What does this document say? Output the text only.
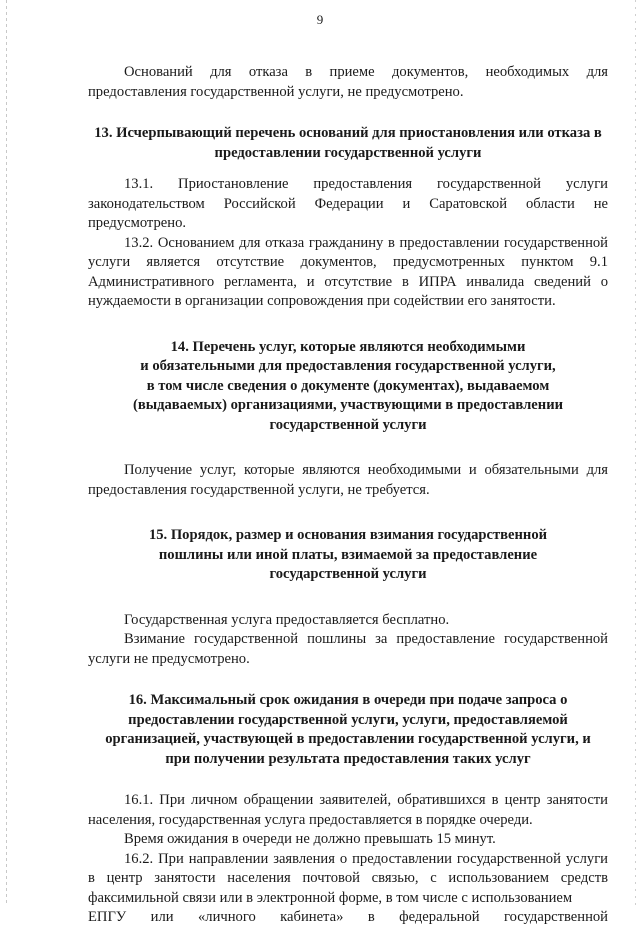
9

Оснований для отказа в приеме документов, необходимых для предоставления государственной услуги, не предусмотрено.

13. Исчерпывающий перечень оснований для приостановления или отказа в предоставлении государственной услуги

13.1. Приостановление предоставления государственной услуги законодательством Российской Федерации и Саратовской области не предусмотрено.

13.2. Основанием для отказа гражданину в предоставлении государственной услуги является отсутствие документов, предусмотренных пунктом 9.1 Административного регламента, и отсутствие в ИПРА инвалида сведений о нуждаемости в организации сопровождения при содействии его занятости.

14. Перечень услуг, которые являются необходимыми
и обязательными для предоставления государственной услуги,
в том числе сведения о документе (документах), выдаваемом
(выдаваемых) организациями, участвующими в предоставлении
государственной услуги

Получение услуг, которые являются необходимыми и обязательными для предоставления государственной услуги, не требуется.

15. Порядок, размер и основания взимания государственной
пошлины или иной платы, взимаемой за предоставление
государственной услуги

Государственная услуга предоставляется бесплатно.

Взимание государственной пошлины за предоставление государственной услуги не предусмотрено.

16. Максимальный срок ожидания в очереди при подаче запроса о
предоставлении государственной услуги, услуги, предоставляемой
организацией, участвующей в предоставлении государственной услуги, и
при получении результата предоставления таких услуг

16.1. При личном обращении заявителей, обратившихся в центр занятости населения, государственная услуга предоставляется в порядке очереди.

Время ожидания в очереди не должно превышать 15 минут.

16.2. При направлении заявления о предоставлении государственной услуги в центр занятости населения почтовой связью, с использованием средств факсимильной связи или в электронной форме, в том числе с использованием

ЕПГУ или «личного кабинета» в федеральной государственной
